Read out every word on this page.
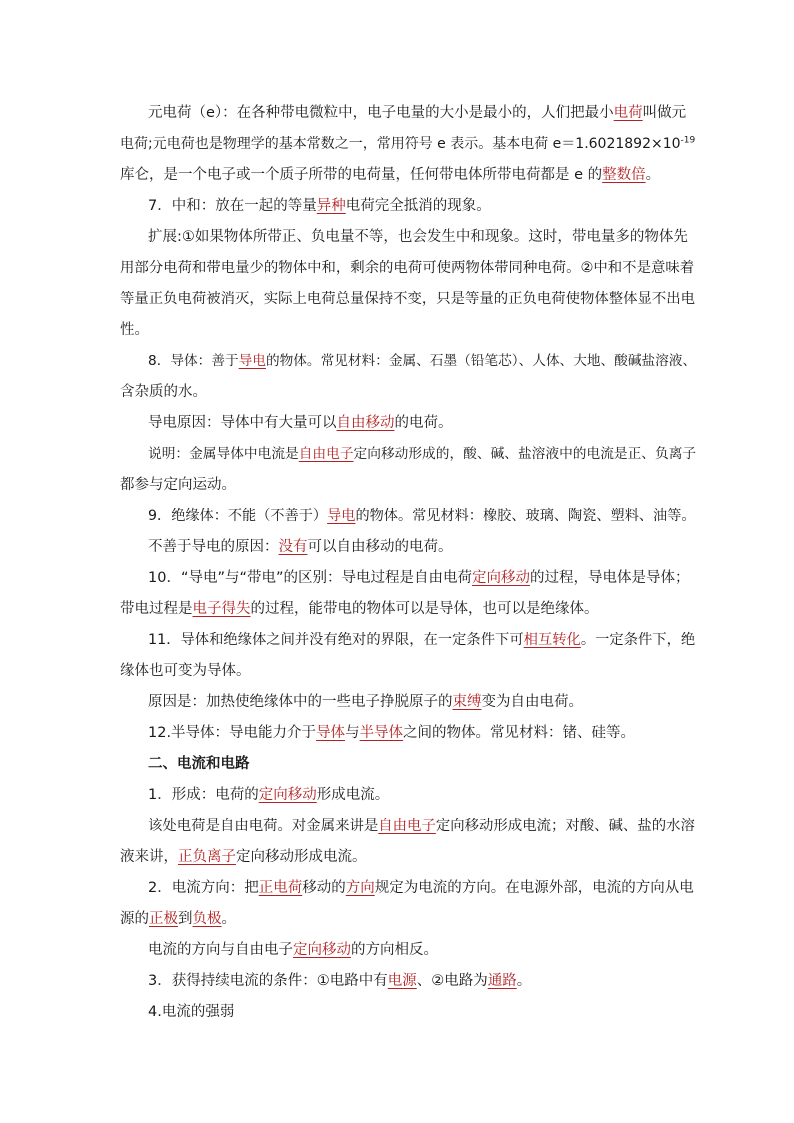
元电荷（e）：在各种带电微粒中，电子电量的大小是最小的，人们把最小电荷叫做元
电荷;元电荷也是物理学的基本常数之一，常用符号 e 表示。基本电荷 $e=1.6021892\times 10^{-19}$
库仑，是一个电子或一个质子所带的电荷量，任何带电体所带电荷都是 e 的整数倍。
7．中和：放在一起的等量异种电荷完全抵消的现象。
扩展:①如果物体所带正、负电量不等，也会发生中和现象。这时，带电量多的物体先
用部分电荷和带电量少的物体中和，剩余的电荷可使两物体带同种电荷。②中和不是意味着
等量正负电荷被消灭，实际上电荷总量保持不变，只是等量的正负电荷使物体整体显不出电
性。
8．导体：善于导电的物体。常见材料：金属、石墨（铅笔芯）、人体、大地、酸碱盐溶液、
含杂质的水。
导电原因：导体中有大量可以自由移动的电荷。
说明：金属导体中电流是自由电子定向移动形成的，酸、碱、盐溶液中的电流是正、负离子
都参与定向运动。
9．绝缘体：不能（不善于）导电的物体。常见材料：橡胶、玻璃、陶瓷、塑料、油等。
不善于导电的原因：没有可以自由移动的电荷。
10．“导电”与“带电”的区别：导电过程是自由电荷定向移动的过程，导电体是导体；
带电过程是电子得失的过程，能带电的物体可以是导体，也可以是绝缘体。
11．导体和绝缘体之间并没有绝对的界限，在一定条件下可相互转化。一定条件下，绝
缘体也可变为导体。
原因是：加热使绝缘体中的一些电子挣脱原子的束缚变为自由电荷。
12.半导体：导电能力介于导体与半导体之间的物体。常见材料：锗、硅等。
二、电流和电路
1．形成：电荷的定向移动形成电流。
该处电荷是自由电荷。对金属来讲是自由电子定向移动形成电流；对酸、碱、盐的水溶
液来讲，正负离子定向移动形成电流。
2．电流方向：把正电荷移动的方向规定为电流的方向。在电源外部，电流的方向从电
源的正极到负极。
电流的方向与自由电子定向移动的方向相反。
3．获得持续电流的条件：①电路中有电源、②电路为通路。
4.电流的强弱
